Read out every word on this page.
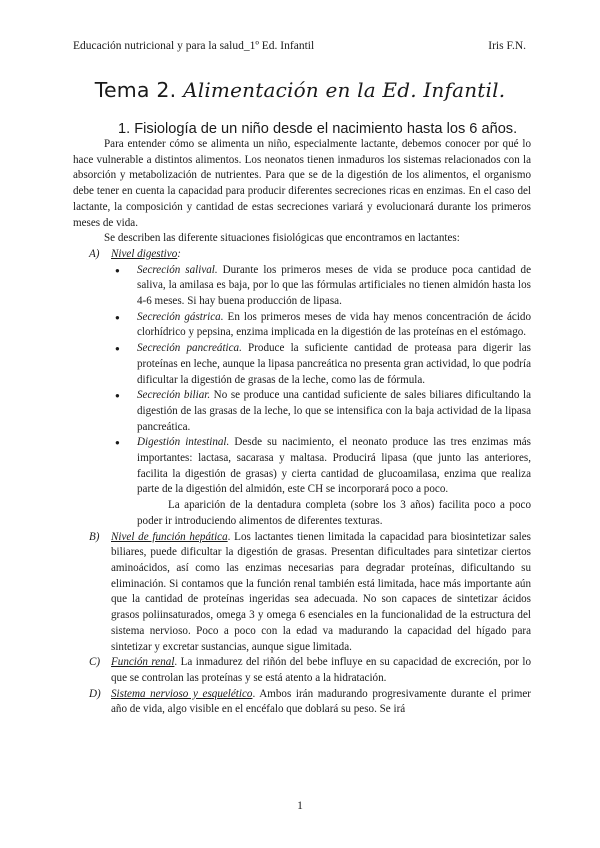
Educación nutricional y para la salud_1º Ed. Infantil	Iris F.N.
Tema 2. Alimentación en la Ed. Infantil.
1. Fisiología de un niño desde el nacimiento hasta los 6 años.

Para entender cómo se alimenta un niño, especialmente lactante, debemos conocer por qué lo hace vulnerable a distintos alimentos. Los neonatos tienen inmaduros los sistemas relacionados con la absorción y metabolización de nutrientes. Para que se de la digestión de los alimentos, el organismo debe tener en cuenta la capacidad para producir diferentes secreciones ricas en enzimas. En el caso del lactante, la composición y cantidad de estas secreciones variará y evolucionará durante los primeros meses de vida.

Se describen las diferente situaciones fisiológicas que encontramos en lactantes:

A) Nivel digestivo:

● Secreción salival. Durante los primeros meses de vida se produce poca cantidad de saliva, la amilasa es baja, por lo que las fórmulas artificiales no tienen almidón hasta los 4-6 meses. Si hay buena producción de lipasa.
● Secreción gástrica. En los primeros meses de vida hay menos concentración de ácido clorhídrico y pepsina, enzima implicada en la digestión de las proteínas en el estómago.
● Secreción pancreática. Produce la suficiente cantidad de proteasa para digerir las proteínas en leche, aunque la lipasa pancreática no presenta gran actividad, lo que podría dificultar la digestión de grasas de la leche, como las de fórmula.
● Secreción biliar. No se produce una cantidad suficiente de sales biliares dificultando la digestión de las grasas de la leche, lo que se intensifica con la baja actividad de la lipasa pancreática.
● Digestión intestinal. Desde su nacimiento, el neonato produce las tres enzimas más importantes: lactasa, sacarasa y maltasa. Producirá lipasa (que junto las anteriores, facilita la digestión de grasas) y cierta cantidad de glucoamilasa, enzima que realiza parte de la digestión del almidón, este CH se incorporará poco a poco.

La aparición de la dentadura completa (sobre los 3 años) facilita poco a poco poder ir introduciendo alimentos de diferentes texturas.

B) Nivel de función hepática. Los lactantes tienen limitada la capacidad para biosintetizar sales biliares, puede dificultar la digestión de grasas. Presentan dificultades para sintetizar ciertos aminoácidos, así como las enzimas necesarias para degradar proteínas, dificultando su eliminación. Si contamos que la función renal también está limitada, hace más importante aún que la cantidad de proteínas ingeridas sea adecuada. No son capaces de sintetizar ácidos grasos poliinsaturados, omega 3 y omega 6 esenciales en la funcionalidad de la estructura del sistema nervioso. Poco a poco con la edad va madurando la capacidad del hígado para sintetizar y excretar sustancias, aunque sigue limitada.

C) Función renal. La inmadurez del riñón del bebe influye en su capacidad de excreción, por lo que se controlan las proteínas y se está atento a la hidratación.

D) Sistema nervioso y esquelético. Ambos irán madurando progresivamente durante el primer año de vida, algo visible en el encéfalo que doblará su peso. Se irá

1
